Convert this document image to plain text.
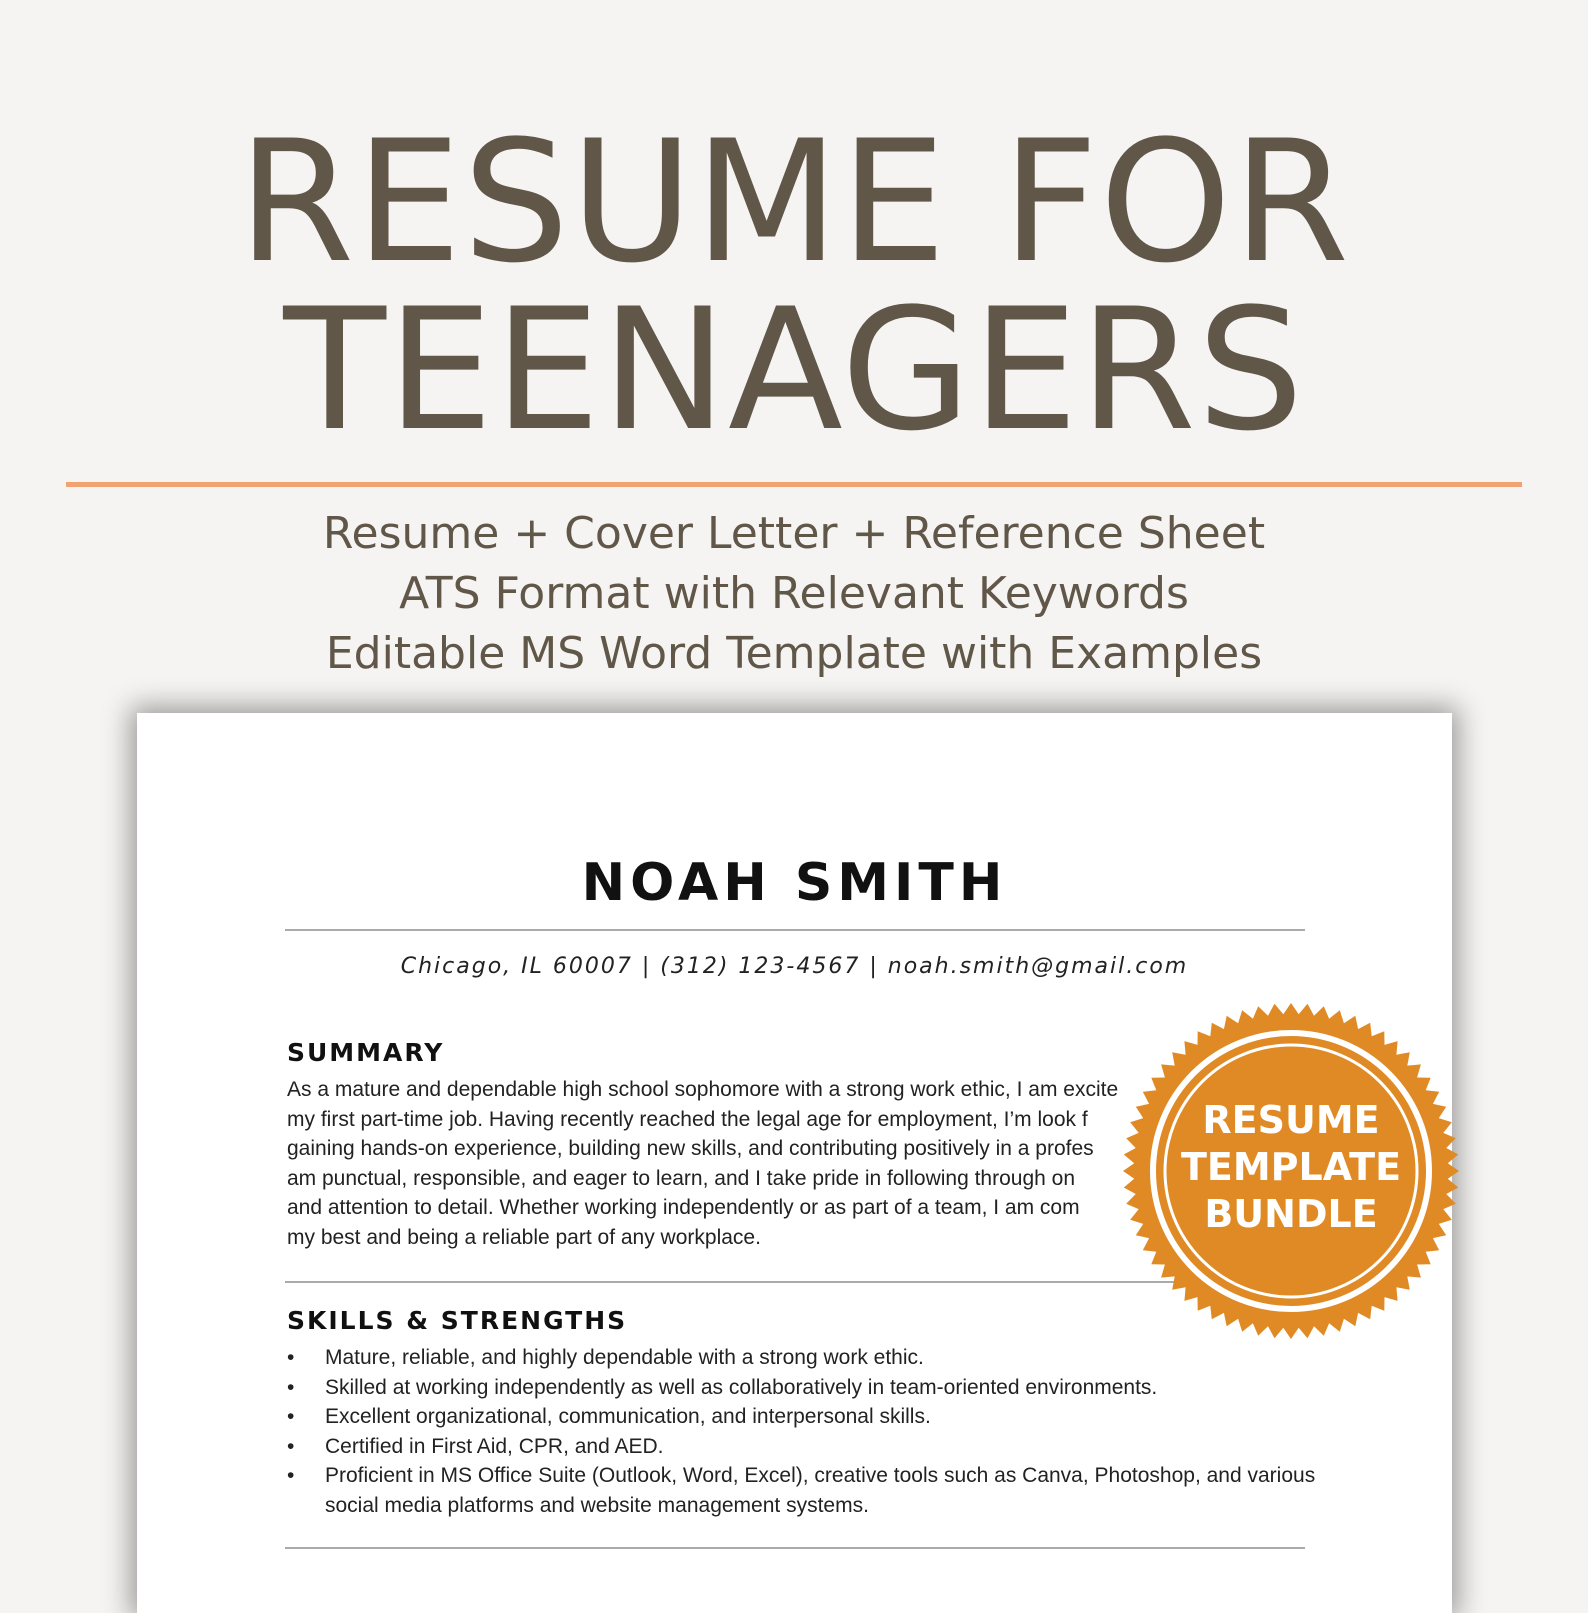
RESUME FOR
TEENAGERS
Resume + Cover Letter + Reference Sheet
ATS Format with Relevant Keywords
Editable MS Word Template with Examples
NOAH SMITH
Chicago, IL 60007 | (312) 123-4567 | noah.smith@gmail.com
SUMMARY
As a mature and dependable high school sophomore with a strong work ethic, I am excite
my first part-time job. Having recently reached the legal age for employment, I’m look f
gaining hands-on experience, building new skills, and contributing positively in a profes
am punctual, responsible, and eager to learn, and I take pride in following through on
and attention to detail. Whether working independently or as part of a team, I am com
my best and being a reliable part of any workplace.
SKILLS & STRENGTHS
• Mature, reliable, and highly dependable with a strong work ethic.
• Skilled at working independently as well as collaboratively in team-oriented environments.
• Excellent organizational, communication, and interpersonal skills.
• Certified in First Aid, CPR, and AED.
• Proficient in MS Office Suite (Outlook, Word, Excel), creative tools such as Canva, Photoshop, and various social media platforms and website management systems.
RESUME
TEMPLATE
BUNDLE
